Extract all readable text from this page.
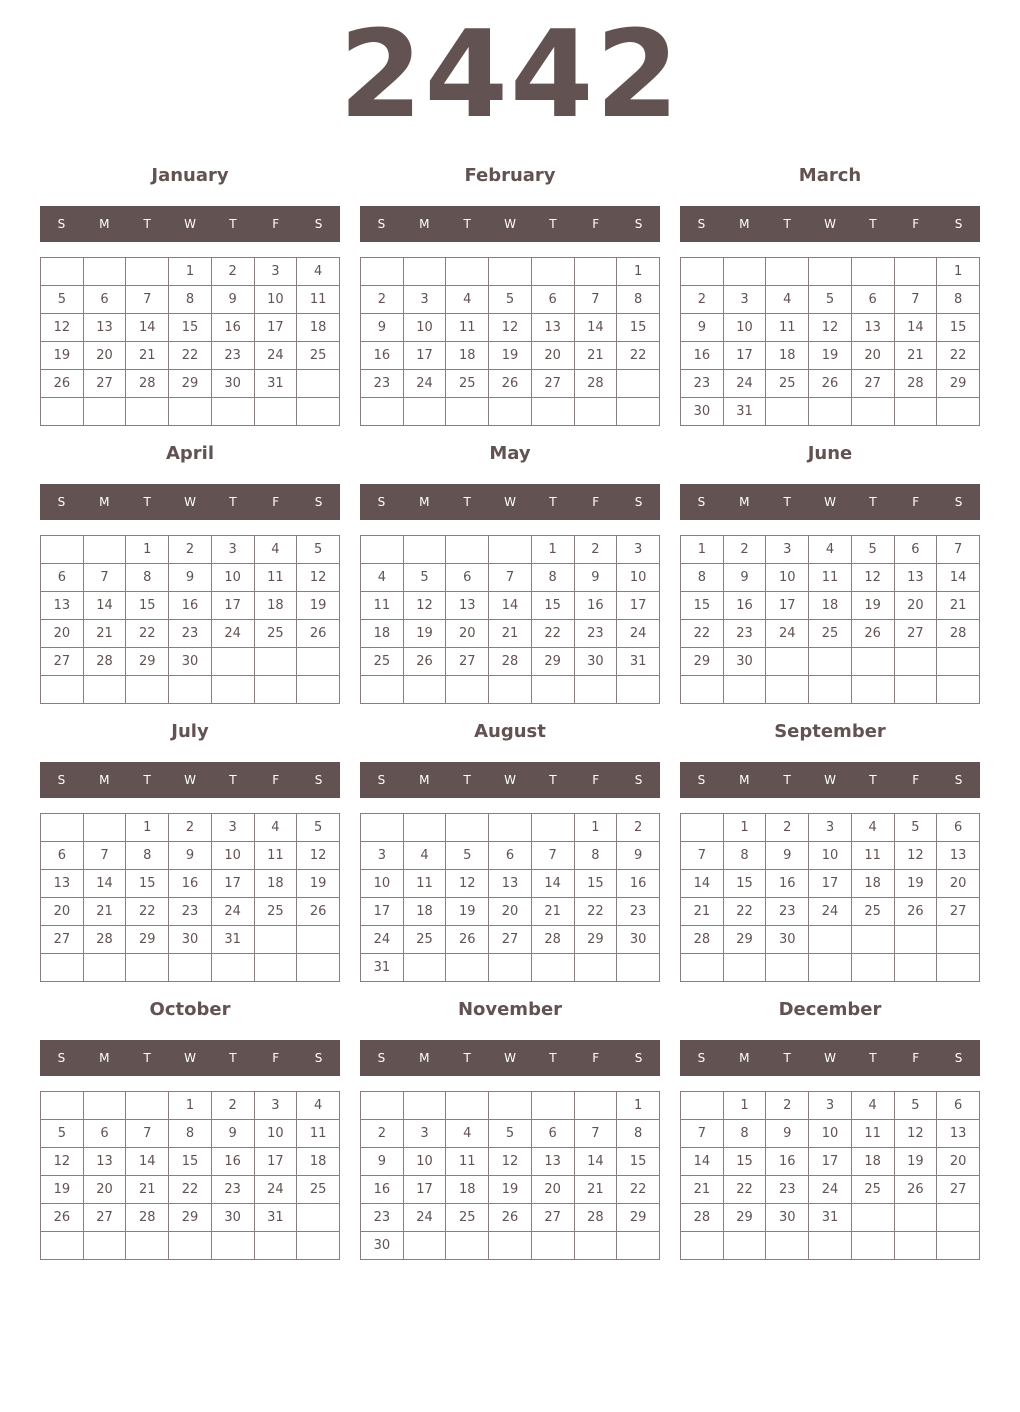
2442
January
S	M	T	W	T	F	S
			1	2	3	4
5	6	7	8	9	10	11
12	13	14	15	16	17	18
19	20	21	22	23	24	25
26	27	28	29	30	31	

February
S	M	T	W	T	F	S
						1
2	3	4	5	6	7	8
9	10	11	12	13	14	15
16	17	18	19	20	21	22
23	24	25	26	27	28	

March
S	M	T	W	T	F	S
						1
2	3	4	5	6	7	8
9	10	11	12	13	14	15
16	17	18	19	20	21	22
23	24	25	26	27	28	29
30	31					
April
S	M	T	W	T	F	S
		1	2	3	4	5
6	7	8	9	10	11	12
13	14	15	16	17	18	19
20	21	22	23	24	25	26
27	28	29	30			

May
S	M	T	W	T	F	S
				1	2	3
4	5	6	7	8	9	10
11	12	13	14	15	16	17
18	19	20	21	22	23	24
25	26	27	28	29	30	31

June
S	M	T	W	T	F	S
1	2	3	4	5	6	7
8	9	10	11	12	13	14
15	16	17	18	19	20	21
22	23	24	25	26	27	28
29	30					

July
S	M	T	W	T	F	S
		1	2	3	4	5
6	7	8	9	10	11	12
13	14	15	16	17	18	19
20	21	22	23	24	25	26
27	28	29	30	31		

August
S	M	T	W	T	F	S
					1	2
3	4	5	6	7	8	9
10	11	12	13	14	15	16
17	18	19	20	21	22	23
24	25	26	27	28	29	30
31						
September
S	M	T	W	T	F	S
	1	2	3	4	5	6
7	8	9	10	11	12	13
14	15	16	17	18	19	20
21	22	23	24	25	26	27
28	29	30				

October
S	M	T	W	T	F	S
			1	2	3	4
5	6	7	8	9	10	11
12	13	14	15	16	17	18
19	20	21	22	23	24	25
26	27	28	29	30	31	

November
S	M	T	W	T	F	S
						1
2	3	4	5	6	7	8
9	10	11	12	13	14	15
16	17	18	19	20	21	22
23	24	25	26	27	28	29
30						
December
S	M	T	W	T	F	S
	1	2	3	4	5	6
7	8	9	10	11	12	13
14	15	16	17	18	19	20
21	22	23	24	25	26	27
28	29	30	31			
